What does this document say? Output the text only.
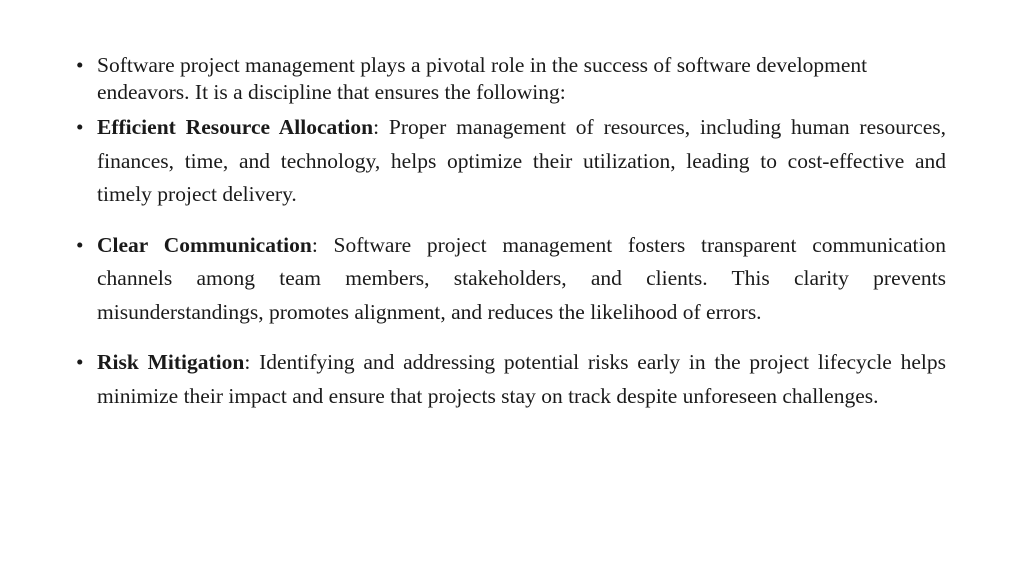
• Software project management plays a pivotal role in the success of software development endeavors. It is a discipline that ensures the following:
• Efficient Resource Allocation: Proper management of resources, including human resources, finances, time, and technology, helps optimize their utilization, leading to cost-effective and timely project delivery.
• Clear Communication: Software project management fosters transparent communication channels among team members, stakeholders, and clients. This clarity prevents misunderstandings, promotes alignment, and reduces the likelihood of errors.
• Risk Mitigation: Identifying and addressing potential risks early in the project lifecycle helps minimize their impact and ensure that projects stay on track despite unforeseen challenges.
